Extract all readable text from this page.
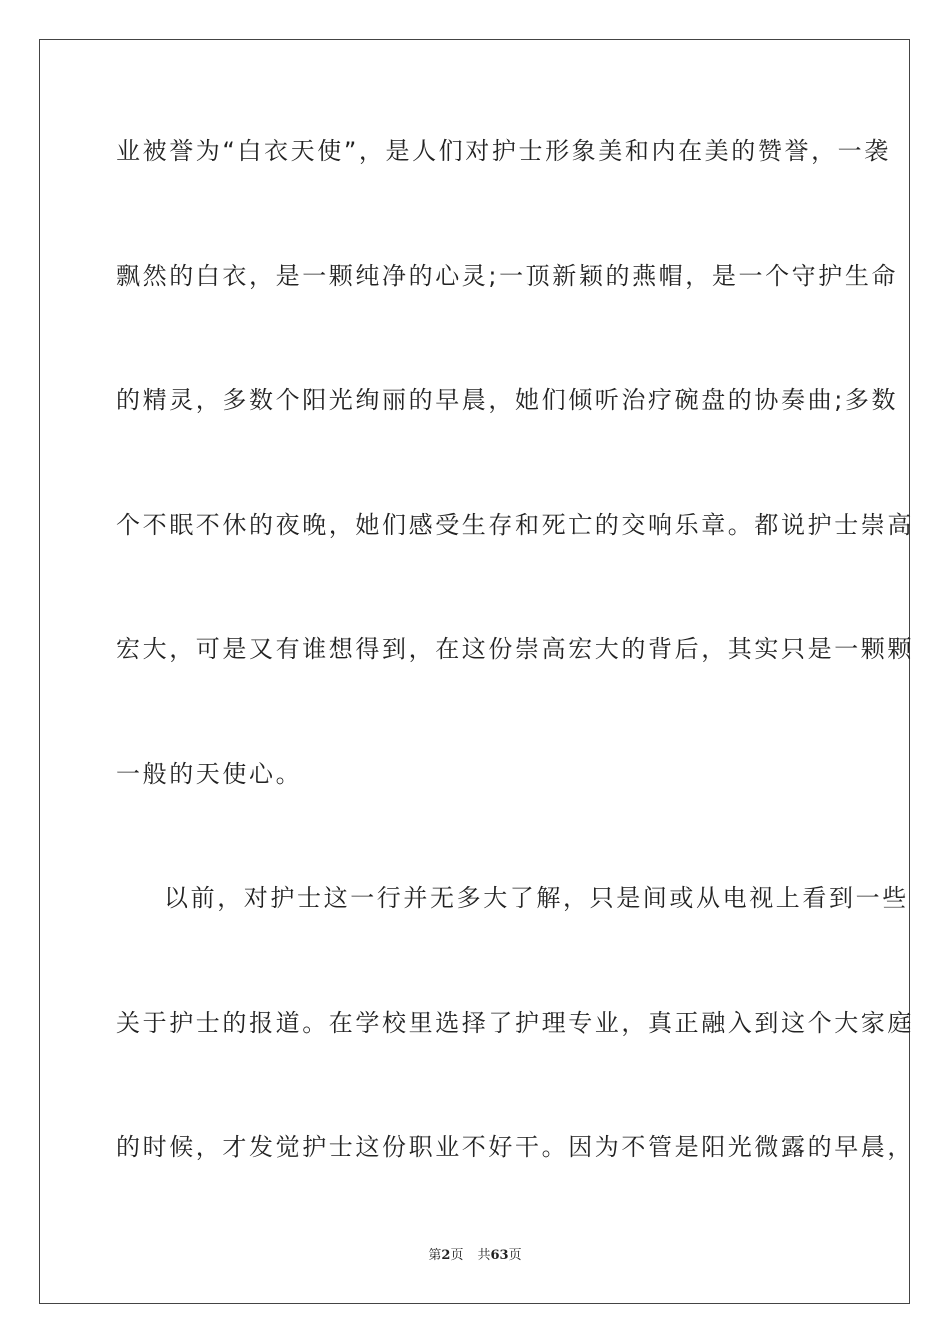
业被誉为“白衣天使”，是人们对护士形象美和内在美的赞誉，一袭
飘然的白衣，是一颗纯净的心灵;一顶新颖的燕帽，是一个守护生命
的精灵，多数个阳光绚丽的早晨，她们倾听治疗碗盘的协奏曲;多数
个不眠不休的夜晚，她们感受生存和死亡的交响乐章。都说护士崇高
宏大，可是又有谁想得到，在这份崇高宏大的背后，其实只是一颗颗
一般的天使心。
以前，对护士这一行并无多大了解，只是间或从电视上看到一些
关于护士的报道。在学校里选择了护理专业，真正融入到这个大家庭
的时候，才发觉护士这份职业不好干。因为不管是阳光微露的早晨，
第2页 共63页
